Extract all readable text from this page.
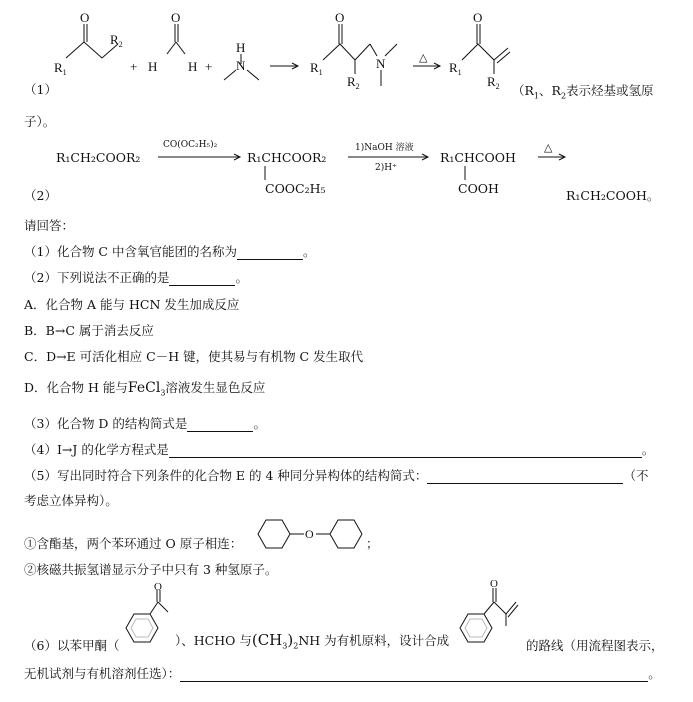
O	O	O	O
$R_1$
$R_2$
+ H H +
H
N	$R_1$
$R_2$
N	△
$R_1$
$R_2$
（1）	（$R_1$、$R_2$表示烃基或氢原
子）。
R₁CH₂COOR₂
CO(OC₂H₅)₂
R₁CHCOOR₂
COOC₂H₅
1)NaOH 溶液
2)H⁺
R₁CHCOOH
COOH
△
（2）	R₁CH₂COOH。
请回答：
（1）化合物 C 中含氧官能团的名称为	。
（2）下列说法不正确的是	。
A．化合物 A 能与 HCN 发生加成反应
B．B→C 属于消去反应
C．D→E 可活化相应 C－H 键，使其易与有机物 C 发生取代
D．化合物 H 能与FeCl$_3$溶液发生显色反应
（3）化合物 D 的结构简式是	。
（4）I→J 的化学方程式是	。
（5）写出同时符合下列条件的化合物 E 的 4 种同分异构体的结构简式：	（不
考虑立体异构）。
①含酯基，两个苯环通过 O 原子相连：
O
；
②核磁共振氢谱显示分子中只有 3 种氢原子。
O	O
（6）以苯甲酮（	）、HCHO 与$(CH_3)_2NH$ 为有机原料，设计合成	的路线（用流程图表示，
无机试剂与有机溶剂任选）：	。
